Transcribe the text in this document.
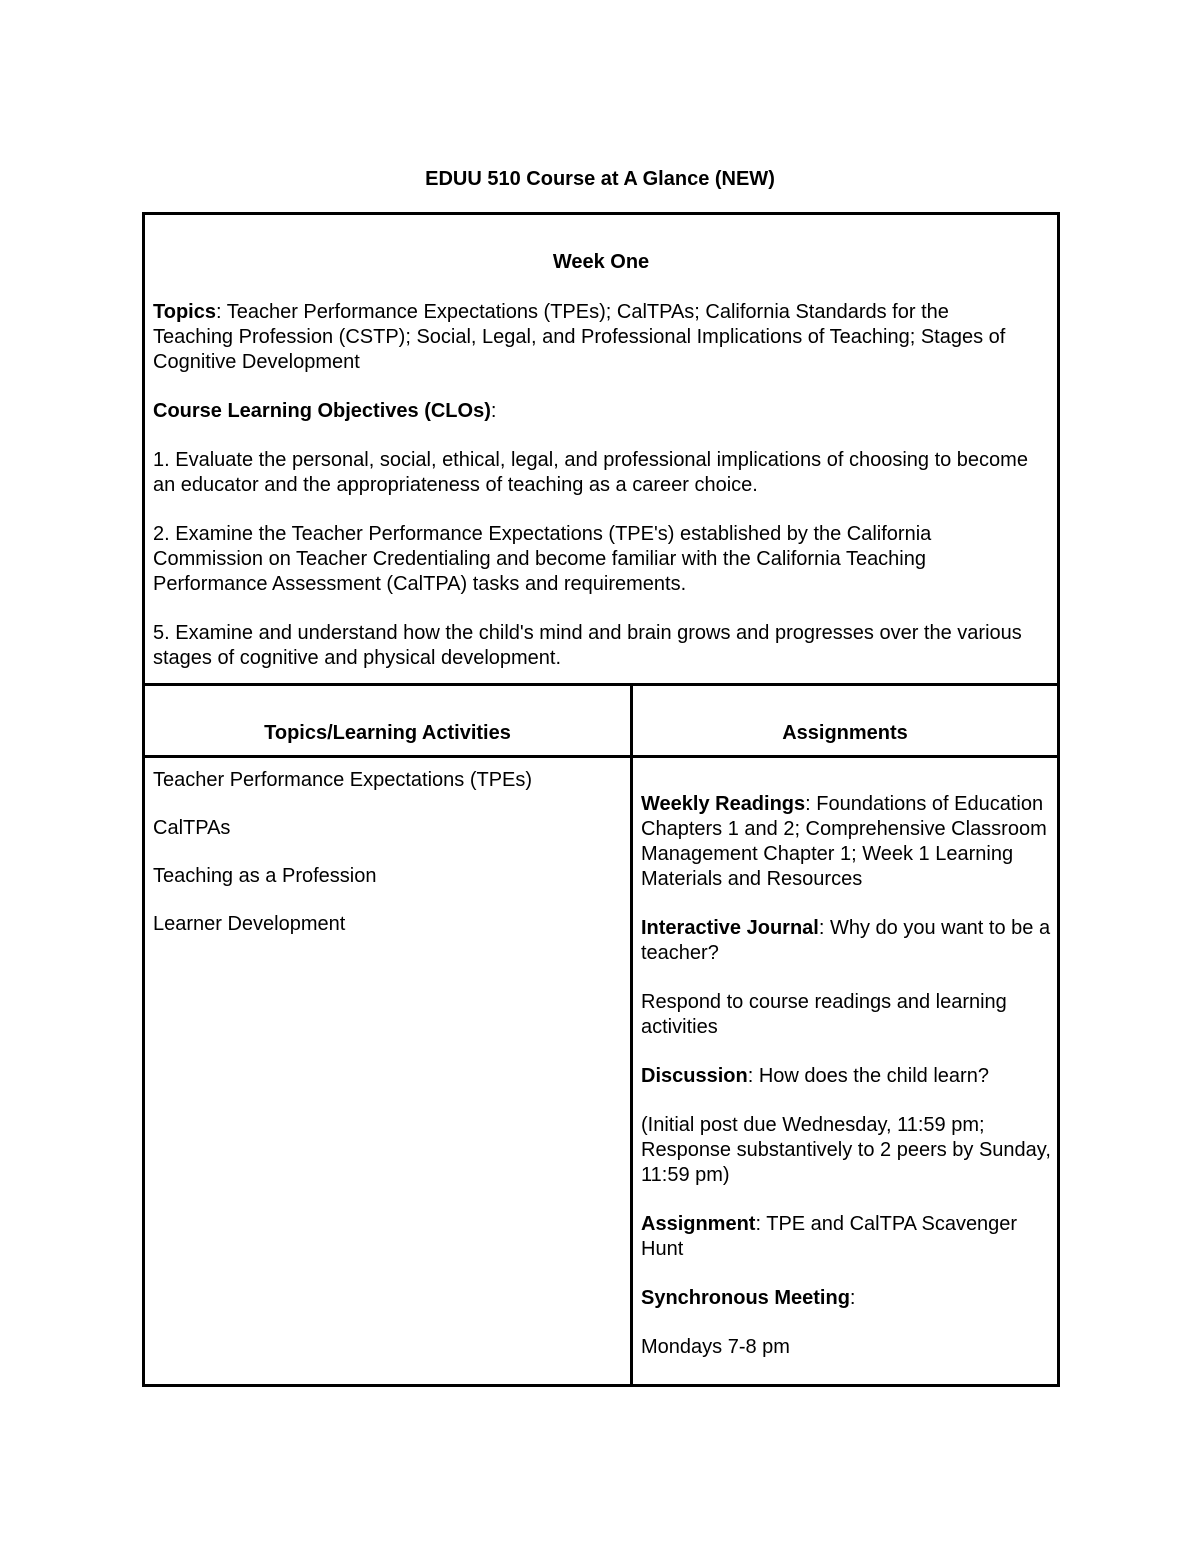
EDUU 510 Course at A Glance (NEW)
Week One

Topics: Teacher Performance Expectations (TPEs); CalTPAs; California Standards for the Teaching Profession (CSTP); Social, Legal, and Professional Implications of Teaching; Stages of Cognitive Development

Course Learning Objectives (CLOs):

1. Evaluate the personal, social, ethical, legal, and professional implications of choosing to become an educator and the appropriateness of teaching as a career choice.

2. Examine the Teacher Performance Expectations (TPE's) established by the California Commission on Teacher Credentialing and become familiar with the California Teaching Performance Assessment (CalTPA) tasks and requirements.

5. Examine and understand how the child's mind and brain grows and progresses over the various stages of cognitive and physical development.

Topics/Learning Activities	Assignments
Teacher Performance Expectations (TPEs)
CalTPAs
Teaching as a Profession
Learner Development

Weekly Readings: Foundations of Education Chapters 1 and 2; Comprehensive Classroom Management Chapter 1; Week 1 Learning Materials and Resources

Interactive Journal: Why do you want to be a teacher?

Respond to course readings and learning activities

Discussion: How does the child learn?

(Initial post due Wednesday, 11:59 pm; Response substantively to 2 peers by Sunday, 11:59 pm)

Assignment: TPE and CalTPA Scavenger Hunt

Synchronous Meeting:

Mondays 7-8 pm
